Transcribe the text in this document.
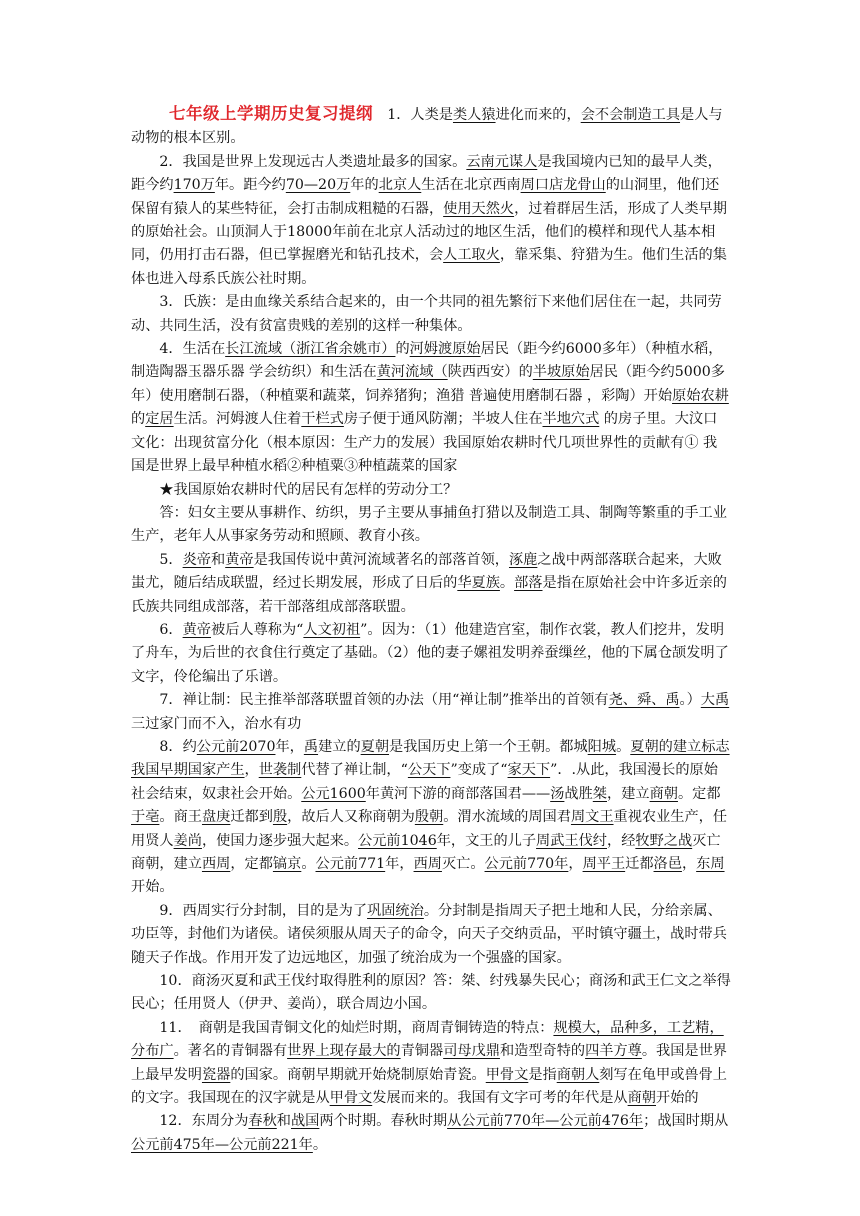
七年级上学期历史复习提纲　1．人类是类人猿进化而来的，会不会制造工具是人与动物的根本区别。

2．我国是世界上发现远古人类遗址最多的国家。云南元谋人是我国境内已知的最早人类，距今约170万年。距今约70—20万年的北京人生活在北京西南周口店龙骨山的山洞里，他们还保留有猿人的某些特征，会打击制成粗糙的石器，使用天然火，过着群居生活，形成了人类早期的原始社会。山顶洞人于18000年前在北京人活动过的地区生活，他们的模样和现代人基本相同，仍用打击石器，但已掌握磨光和钻孔技术，会人工取火，靠采集、狩猎为生。他们生活的集体也进入母系氏族公社时期。

3．氏族：是由血缘关系结合起来的，由一个共同的祖先繁衍下来他们居住在一起，共同劳动、共同生活，没有贫富贵贱的差别的这样一种集体。

4．生活在长江流域（浙江省余姚市）的河姆渡原始居民（距今约6000多年）（种植水稻，制造陶器玉器乐器 学会纺织）和生活在黄河流域（陕西西安）的半坡原始居民（距今约5000多年）使用磨制石器，（种植粟和蔬菜，饲养猪狗；渔猎 普遍使用磨制石器 ，彩陶）开始原始农耕的定居生活。河姆渡人住着干栏式房子便于通风防潮；半坡人住在半地穴式 的房子里。大汶口文化：出现贫富分化（根本原因：生产力的发展）我国原始农耕时代几项世界性的贡献有① 我国是世界上最早种植水稻②种植粟③种植蔬菜的国家

★我国原始农耕时代的居民有怎样的劳动分工？

答：妇女主要从事耕作、纺织，男子主要从事捕鱼打猎以及制造工具、制陶等繁重的手工业生产，老年人从事家务劳动和照顾、教育小孩。

5．炎帝和黄帝是我国传说中黄河流域著名的部落首领，涿鹿之战中两部落联合起来，大败蚩尤，随后结成联盟，经过长期发展，形成了日后的华夏族。部落是指在原始社会中许多近亲的氏族共同组成部落，若干部落组成部落联盟。

6．黄帝被后人尊称为“人文初祖”。因为：（1）他建造宫室，制作衣裳，教人们挖井，发明了舟车，为后世的衣食住行奠定了基础。（2）他的妻子嫘祖发明养蚕缫丝，他的下属仓颉发明了文字，伶伦编出了乐谱。

7．禅让制：民主推举部落联盟首领的办法（用“禅让制”推举出的首领有尧、舜、禹。）大禹三过家门而不入，治水有功

8．约公元前2070年，禹建立的夏朝是我国历史上第一个王朝。都城阳城。夏朝的建立标志我国早期国家产生，世袭制代替了禅让制，“公天下”变成了“家天下”．.从此，我国漫长的原始社会结束，奴隶社会开始。公元1600年黄河下游的商部落国君——汤战胜桀，建立商朝。定都于亳。商王盘庚迁都到殷，故后人又称商朝为殷朝。渭水流域的周国君周文王重视农业生产，任用贤人姜尚，使国力逐步强大起来。公元前1046年，文王的儿子周武王伐纣，经牧野之战灭亡商朝，建立西周，定都镐京。公元前771年，西周灭亡。公元前770年，周平王迁都洛邑，东周开始。

9．西周实行分封制，目的是为了巩固统治。分封制是指周天子把土地和人民，分给亲属、功臣等，封他们为诸侯。诸侯须服从周天子的命令，向天子交纳贡品，平时镇守疆土，战时带兵随天子作战。作用开发了边远地区，加强了统治成为一个强盛的国家。

10．商汤灭夏和武王伐纣取得胜利的原因？答：桀、纣残暴失民心；商汤和武王仁文之举得民心；任用贤人（伊尹、姜尚），联合周边小国。

11．　商朝是我国青铜文化的灿烂时期，商周青铜铸造的特点：规模大，品种多，工艺精，分布广。著名的青铜器有世界上现存最大的青铜器司母戊鼎和造型奇特的四羊方尊。我国是世界上最早发明瓷器的国家。商朝早期就开始烧制原始青瓷。甲骨文是指商朝人刻写在龟甲或兽骨上的文字。我国现在的汉字就是从甲骨文发展而来的。我国有文字可考的年代是从商朝开始的

12．东周分为春秋和战国两个时期。春秋时期从公元前770年—公元前476年；战国时期从公元前475年—公元前221年。
